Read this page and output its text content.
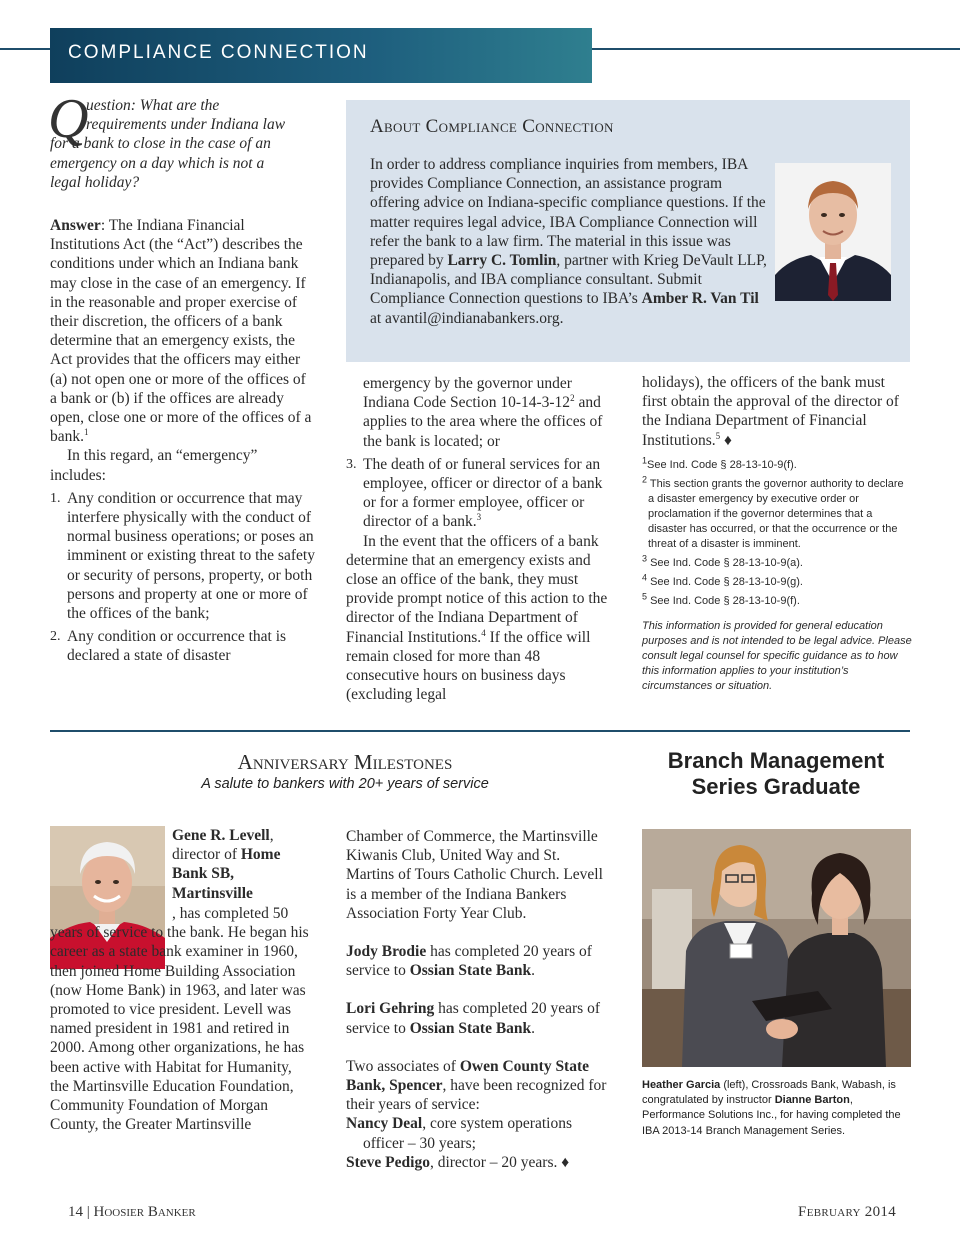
COMPLIANCE CONNECTION
Q
uestion: What are the
requirements under Indiana law
for a bank to close in the case of an
emergency on a day which is not a
legal holiday?

Answer: The Indiana Financial Institutions Act (the “Act”) describes the conditions under which an Indiana bank may close in the case of an emergency. If in the reasonable and proper exercise of their discretion, the officers of a bank determine that an emergency exists, the Act provides that the officers may either (a) not open one or more of the offices of a bank or (b) if the offices are already open, close one or more of the offices of a bank.$^1$

In this regard, an “emergency” includes:

1. Any condition or occurrence that may interfere physically with the conduct of normal business operations; or poses an imminent or existing threat to the safety or security of persons, property, or both persons and property at one or more of the offices of the bank;
2. Any condition or occurrence that is declared a state of disaster
About Compliance Connection
In order to address compliance inquiries from members, IBA provides Compliance Connection, an assistance program offering advice on Indiana-specific compliance questions. If the matter requires legal advice, IBA Compliance Connection will refer the bank to a law firm. The material in this issue was prepared by Larry C. Tomlin, partner with Krieg DeVault LLP, Indianapolis, and IBA compliance consultant. Submit Compliance Connection questions to IBA’s Amber R. Van Til at avantil@indianabankers.org.
emergency by the governor under Indiana Code Section $10-14-3-12^2$ and applies to the area where the offices of the bank is located; or
3. The death of or funeral services for an employee, officer or director of a bank or for a former employee, officer or director of a bank.$^3$

In the event that the officers of a bank determine that an emergency exists and close an office of the bank, they must provide prompt notice of this action to the director of the Indiana Department of Financial Institutions.$^4$ If the office will remain closed for more than 48 consecutive hours on business days (excluding legal

holidays), the officers of the bank must first obtain the approval of the director of the Indiana Department of Financial Institutions.$^5$ ♦

$^1$See Ind. Code § 28-13-10-9(f).

$^2$ This section grants the governor authority to declare a disaster emergency by executive order or proclamation if the governor determines that a disaster has occurred, or that the occurrence or the threat of a disaster is imminent.

$^3$ See Ind. Code § 28-13-10-9(a).

$^4$ See Ind. Code § 28-13-10-9(g).

$^5$ See Ind. Code § 28-13-10-9(f).

This information is provided for general education purposes and is not intended to be legal advice. Please consult legal counsel for specific guidance as to how this information applies to your institution’s circumstances or situation.

Anniversary Milestones
A salute to bankers with 20+ years of service
Gene R. Levell, director of Home Bank SB, Martinsville
, has completed 50 years of service to the bank. He began his career as a state bank examiner in 1960, then joined Home Building Association (now Home Bank) in 1963, and later was promoted to vice president. Levell was named president in 1981 and retired in 2000. Among other organizations, he has been active with Habitat for Humanity, the Martinsville Education Foundation, Community Foundation of Morgan County, the Greater Martinsville

Chamber of Commerce, the Martinsville Kiwanis Club, United Way and St. Martins of Tours Catholic Church. Levell is a member of the Indiana Bankers Association Forty Year Club.

Jody Brodie has completed 20 years of service to Ossian State Bank.

Lori Gehring has completed 20 years of service to Ossian State Bank.

Two associates of Owen County State Bank, Spencer, have been recognized for their years of service:

Nancy Deal, core system operations officer – 30 years;

Steve Pedigo, director – 20 years. ♦

Branch Management
Series Graduate
Heather Garcia (left), Crossroads Bank, Wabash, is congratulated by instructor Dianne Barton, Performance Solutions Inc., for having completed the IBA 2013-14 Branch Management Series.
14 | Hoosier Banker	February 2014
